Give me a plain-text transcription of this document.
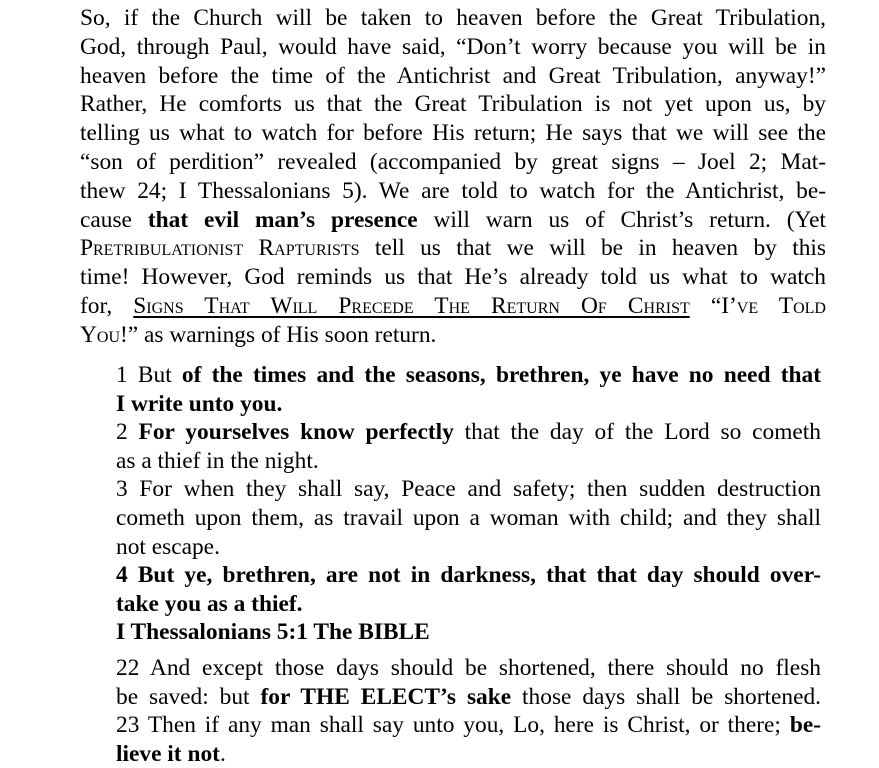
So, if the Church will be taken to heaven before the Great Tribulation,
God, through Paul, would have said, “Don’t worry because you will be in
heaven before the time of the Antichrist and Great Tribulation, anyway!”
Rather, He comforts us that the Great Tribulation is not yet upon us, by
telling us what to watch for before His return; He says that we will see the
“son of perdition” revealed (accompanied by great signs – Joel 2; Mat-
thew 24; I Thessalonians 5). We are told to watch for the Antichrist, be-
cause that evil man’s presence will warn us of Christ’s return. (Yet
Pretribulationist Rapturists tell us that we will be in heaven by this
time! However, God reminds us that He’s already told us what to watch
for, Signs That Will Precede The Return Of Christ “I’ve Told
You!” as warnings of His soon return.
1 But of the times and the seasons, brethren, ye have no need that
I write unto you.
2 For yourselves know perfectly that the day of the Lord so cometh
as a thief in the night.
3 For when they shall say, Peace and safety; then sudden destruction
cometh upon them, as travail upon a woman with child; and they shall
not escape.
4 But ye, brethren, are not in darkness, that that day should over-
take you as a thief.
I Thessalonians 5:1 The BIBLE
22 And except those days should be shortened, there should no flesh
be saved: but for THE ELECT’s sake those days shall be shortened.
23 Then if any man shall say unto you, Lo, here is Christ, or there; be-
lieve it not.
